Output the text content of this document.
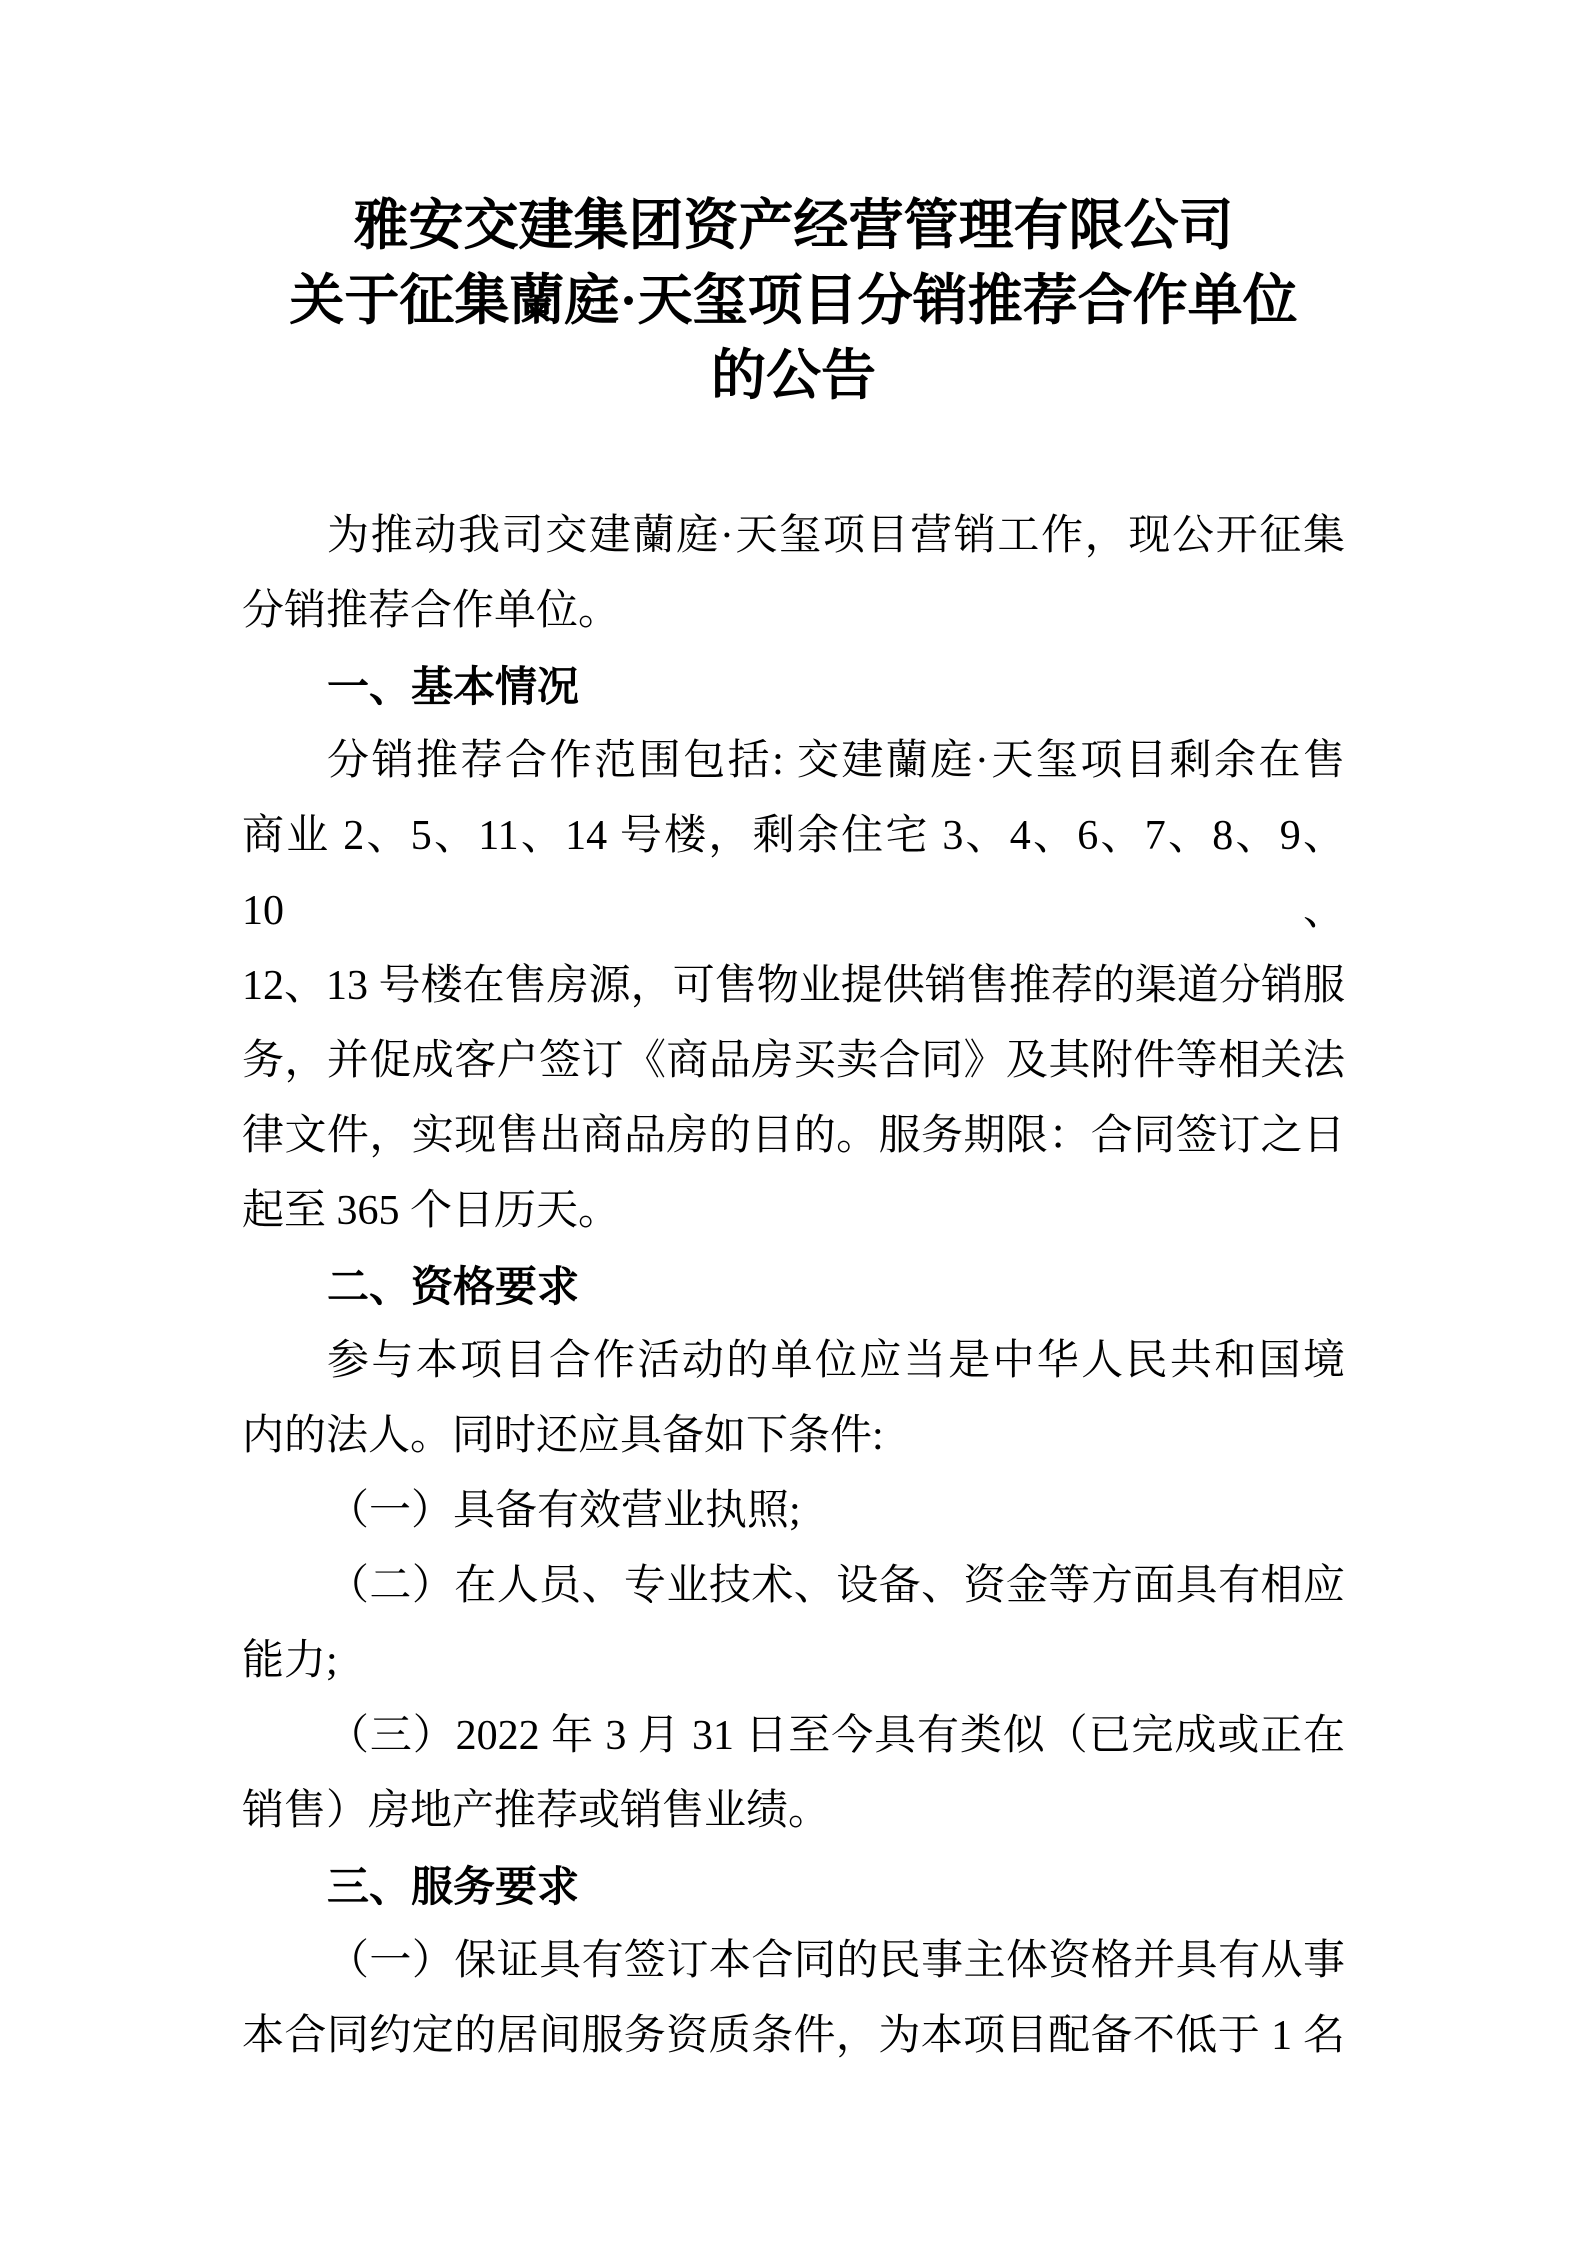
雅安交建集团资产经营管理有限公司
关于征集蘭庭·天玺项目分销推荐合作单位
的公告
为推动我司交建蘭庭·天玺项目营销工作，现公开征集
分销推荐合作单位。
一、基本情况
分销推荐合作范围包括: 交建蘭庭·天玺项目剩余在售
商业 2、5、11、14 号楼，剩余住宅 3、4、6、7、8、9、10、
12、13 号楼在售房源，可售物业提供销售推荐的渠道分销服
务，并促成客户签订《商品房买卖合同》及其附件等相关法
律文件，实现售出商品房的目的。服务期限：合同签订之日
起至 365 个日历天。
二、资格要求
参与本项目合作活动的单位应当是中华人民共和国境
内的法人。同时还应具备如下条件:
（一）具备有效营业执照;
（二）在人员、专业技术、设备、资金等方面具有相应
能力;
（三）2022 年 3 月 31 日至今具有类似（已完成或正在
销售）房地产推荐或销售业绩。
三、服务要求
（一）保证具有签订本合同的民事主体资格并具有从事
本合同约定的居间服务资质条件，为本项目配备不低于 1 名
